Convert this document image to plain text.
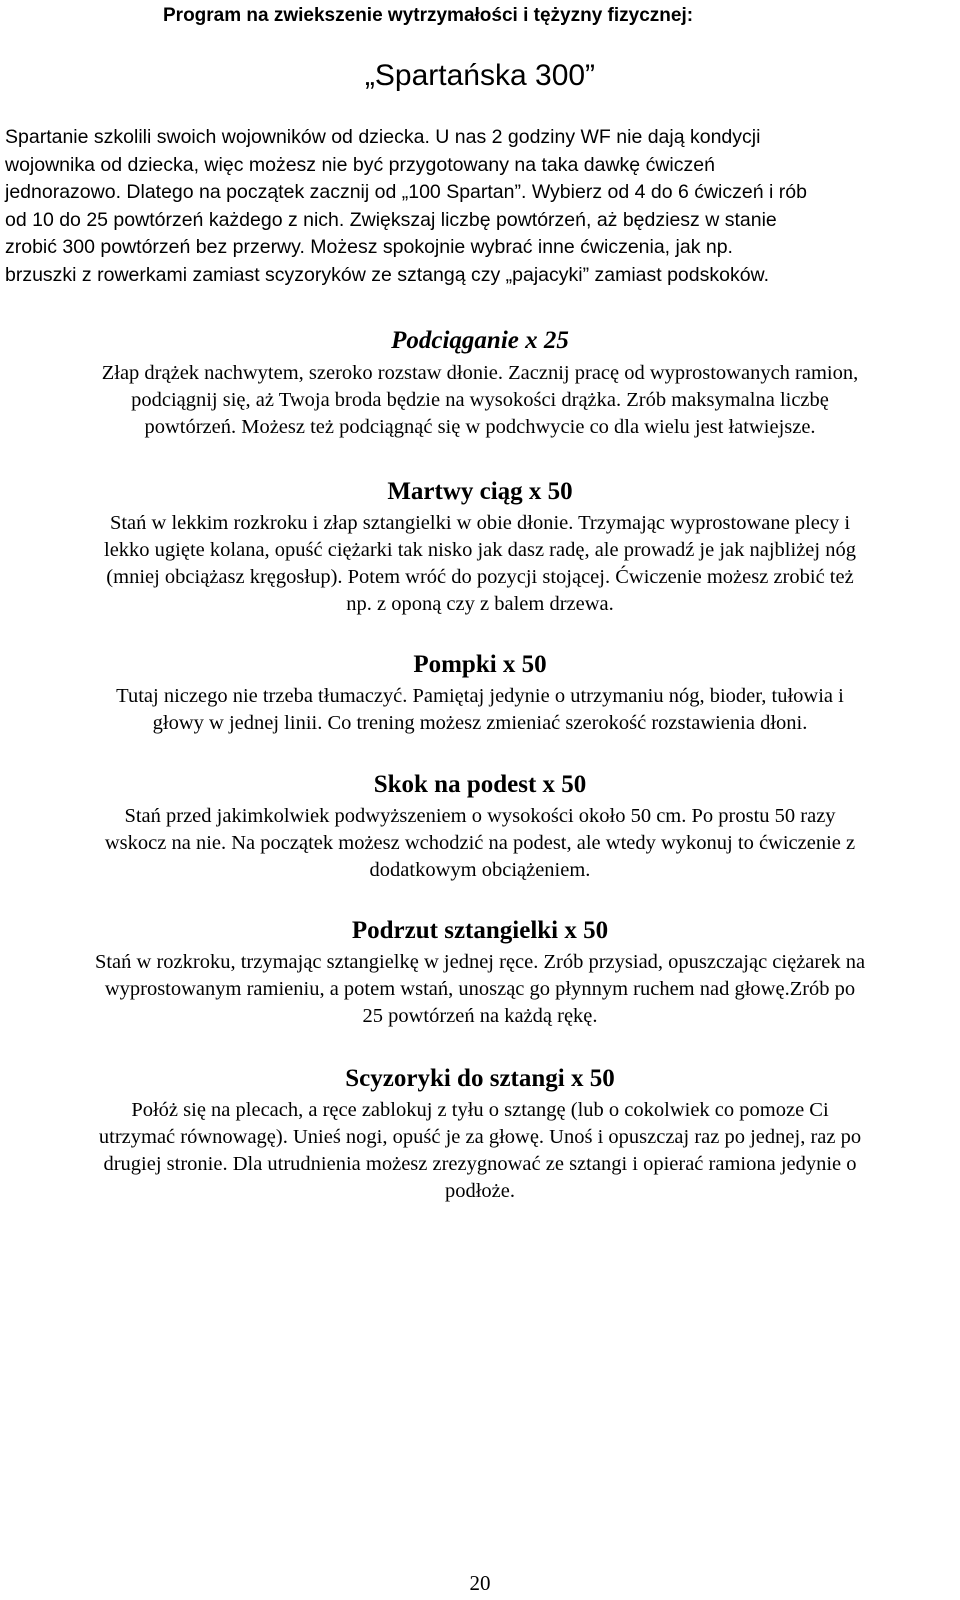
Program na zwiekszenie wytrzymałości i tężyzny fizycznej:
„Spartańska 300”
Spartanie szkolili swoich wojowników od dziecka. U nas 2 godziny WF nie dają kondycji
wojownika od dziecka, więc możesz nie być przygotowany na taka dawkę ćwiczeń
jednorazowo. Dlatego na początek zacznij od „100 Spartan”. Wybierz od 4 do 6 ćwiczeń i rób
od 10 do 25 powtórzeń każdego z nich. Zwiększaj liczbę powtórzeń, aż będziesz w stanie
zrobić 300 powtórzeń bez przerwy. Możesz spokojnie wybrać inne ćwiczenia, jak np.
brzuszki z rowerkami zamiast scyzoryków ze sztangą czy „pajacyki” zamiast podskoków.
Podciąganie x 25
Złap drążek nachwytem, szeroko rozstaw dłonie. Zacznij pracę od wyprostowanych ramion,
podciągnij się, aż Twoja broda będzie na wysokości drążka. Zrób maksymalna liczbę
powtórzeń. Możesz też podciągnąć się w podchwycie co dla wielu jest łatwiejsze.
Martwy ciąg x 50
Stań w lekkim rozkroku i złap sztangielki w obie dłonie. Trzymając wyprostowane plecy i
lekko ugięte kolana, opuść ciężarki tak nisko jak dasz radę, ale prowadź je jak najbliżej nóg
(mniej obciążasz kręgosłup). Potem wróć do pozycji stojącej. Ćwiczenie możesz zrobić też
np. z oponą czy z balem drzewa.
Pompki x 50
Tutaj niczego nie trzeba tłumaczyć. Pamiętaj jedynie o utrzymaniu nóg, bioder, tułowia i
głowy w jednej linii. Co trening możesz zmieniać szerokość rozstawienia dłoni.
Skok na podest x 50
Stań przed jakimkolwiek podwyższeniem o wysokości około 50 cm. Po prostu 50 razy
wskocz na nie. Na początek możesz wchodzić na podest, ale wtedy wykonuj to ćwiczenie z
dodatkowym obciążeniem.
Podrzut sztangielki x 50
Stań w rozkroku, trzymając sztangielkę w jednej ręce. Zrób przysiad, opuszczając ciężarek na
wyprostowanym ramieniu, a potem wstań, unosząc go płynnym ruchem nad głowę.Zrób po
25 powtórzeń na każdą rękę.
Scyzoryki do sztangi x 50
Połóż się na plecach, a ręce zablokuj z tyłu o sztangę (lub o cokolwiek co pomoze Ci
utrzymać równowagę). Unieś nogi, opuść je za głowę. Unoś i opuszczaj raz po jednej, raz po
drugiej stronie. Dla utrudnienia możesz zrezygnować ze sztangi i opierać ramiona jedynie o
podłoże.
20
